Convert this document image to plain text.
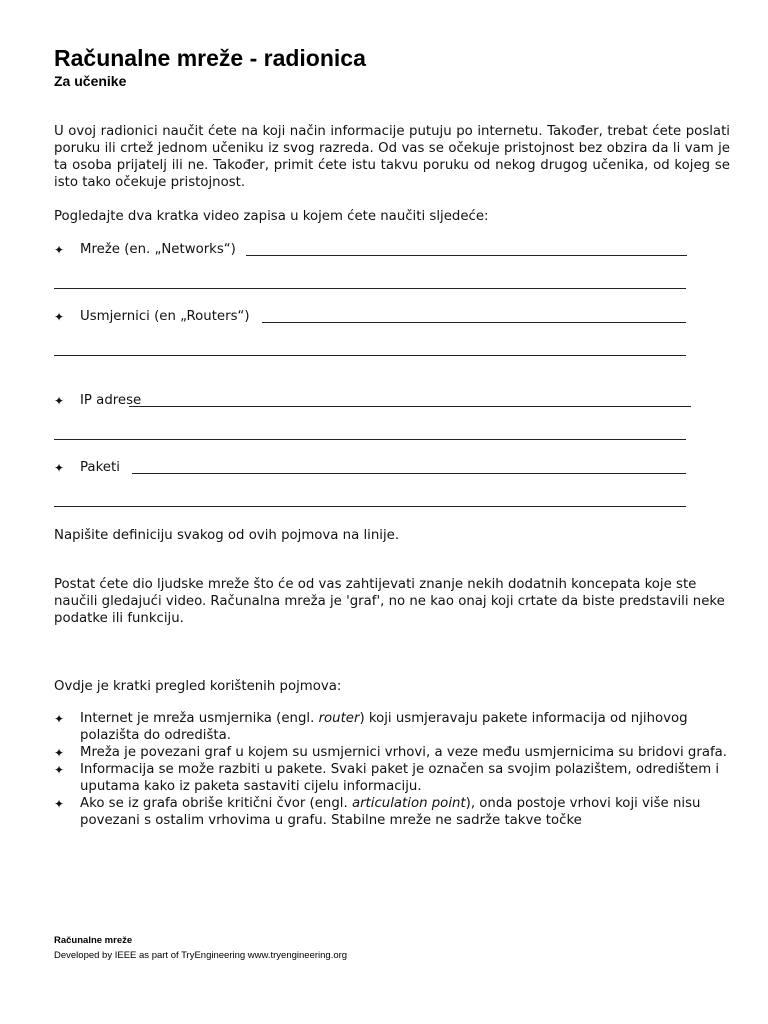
Računalne mreže - radionica
Za učenike
U ovoj radionici naučit ćete na koji način informacije putuju po internetu. Također, trebat ćete poslati poruku ili crtež jednom učeniku iz svog razreda. Od vas se očekuje pristojnost bez obzira da li vam je ta osoba prijatelj ili ne. Također, primit ćete istu takvu poruku od nekog drugog učenika, od kojeg se isto tako očekuje pristojnost.
Pogledajte dva kratka video zapisa u kojem ćete naučiti sljedeće:
✦ Mreže (en. „Networks“)
✦ Usmjernici (en „Routers“)
✦ IP adrese
✦ Paketi
Napišite definiciju svakog od ovih pojmova na linije.
Postat ćete dio ljudske mreže što će od vas zahtijevati znanje nekih dodatnih koncepata koje ste naučili gledajući video. Računalna mreža je 'graf', no ne kao onaj koji crtate da biste predstavili neke podatke ili funkciju.
Ovdje je kratki pregled korištenih pojmova:
✦ Internet je mreža usmjernika (engl. router) koji usmjeravaju pakete informacija od njihovog polazišta do odredišta.
✦ Mreža je povezani graf u kojem su usmjernici vrhovi, a veze među usmjernicima su bridovi grafa.
✦ Informacija se može razbiti u pakete. Svaki paket je označen sa svojim polazištem, odredištem i uputama kako iz paketa sastaviti cijelu informaciju.
✦ Ako se iz grafa obriše kritični čvor (engl. articulation point), onda postoje vrhovi koji više nisu povezani s ostalim vrhovima u grafu. Stabilne mreže ne sadrže takve točke
Računalne mreže
Developed by IEEE as part of TryEngineering www.tryengineering.org
